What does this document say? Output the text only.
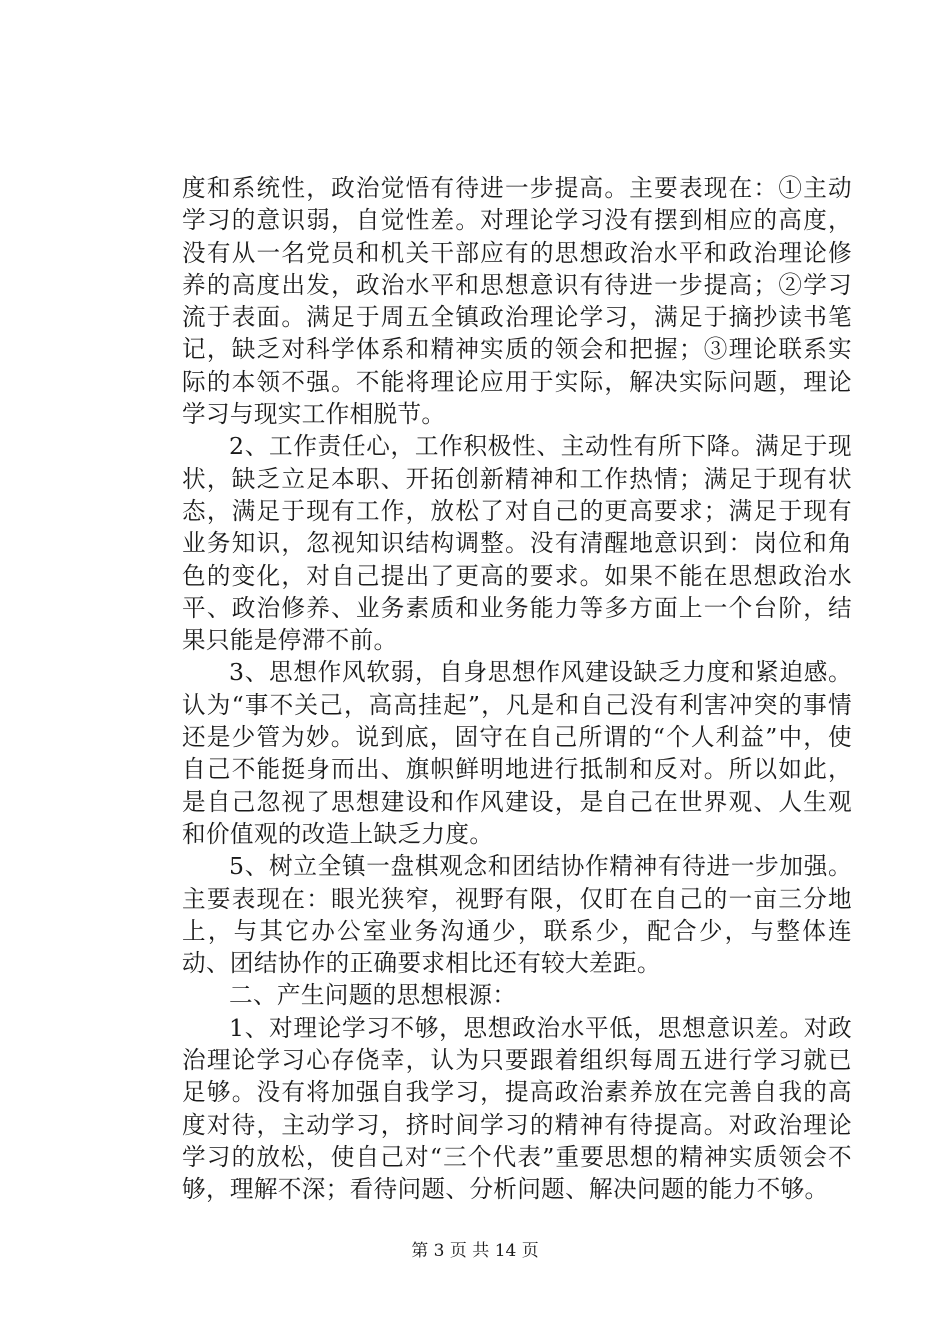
度和系统性，政治觉悟有待进一步提高。主要表现在：①主动学习的意识弱，自觉性差。对理论学习没有摆到相应的高度，没有从一名党员和机关干部应有的思想政治水平和政治理论修养的高度出发，政治水平和思想意识有待进一步提高；②学习流于表面。满足于周五全镇政治理论学习，满足于摘抄读书笔记，缺乏对科学体系和精神实质的领会和把握；③理论联系实际的本领不强。不能将理论应用于实际，解决实际问题，理论学习与现实工作相脱节。

2、工作责任心，工作积极性、主动性有所下降。满足于现状，缺乏立足本职、开拓创新精神和工作热情；满足于现有状态，满足于现有工作，放松了对自己的更高要求；满足于现有业务知识，忽视知识结构调整。没有清醒地意识到：岗位和角色的变化，对自己提出了更高的要求。如果不能在思想政治水平、政治修养、业务素质和业务能力等多方面上一个台阶，结果只能是停滞不前。

3、思想作风软弱，自身思想作风建设缺乏力度和紧迫感。认为“事不关己，高高挂起”，凡是和自己没有利害冲突的事情还是少管为妙。说到底，固守在自己所谓的“个人利益”中，使自己不能挺身而出、旗帜鲜明地进行抵制和反对。所以如此，是自己忽视了思想建设和作风建设，是自己在世界观、人生观和价值观的改造上缺乏力度。

5、树立全镇一盘棋观念和团结协作精神有待进一步加强。主要表现在：眼光狭窄，视野有限，仅盯在自己的一亩三分地上，与其它办公室业务沟通少，联系少，配合少，与整体连动、团结协作的正确要求相比还有较大差距。

二、产生问题的思想根源：

1、对理论学习不够，思想政治水平低，思想意识差。对政治理论学习心存侥幸，认为只要跟着组织每周五进行学习就已足够。没有将加强自我学习，提高政治素养放在完善自我的高度对待，主动学习，挤时间学习的精神有待提高。对政治理论学习的放松，使自己对“三个代表”重要思想的精神实质领会不够，理解不深；看待问题、分析问题、解决问题的能力不够。

第 3 页 共 14 页
